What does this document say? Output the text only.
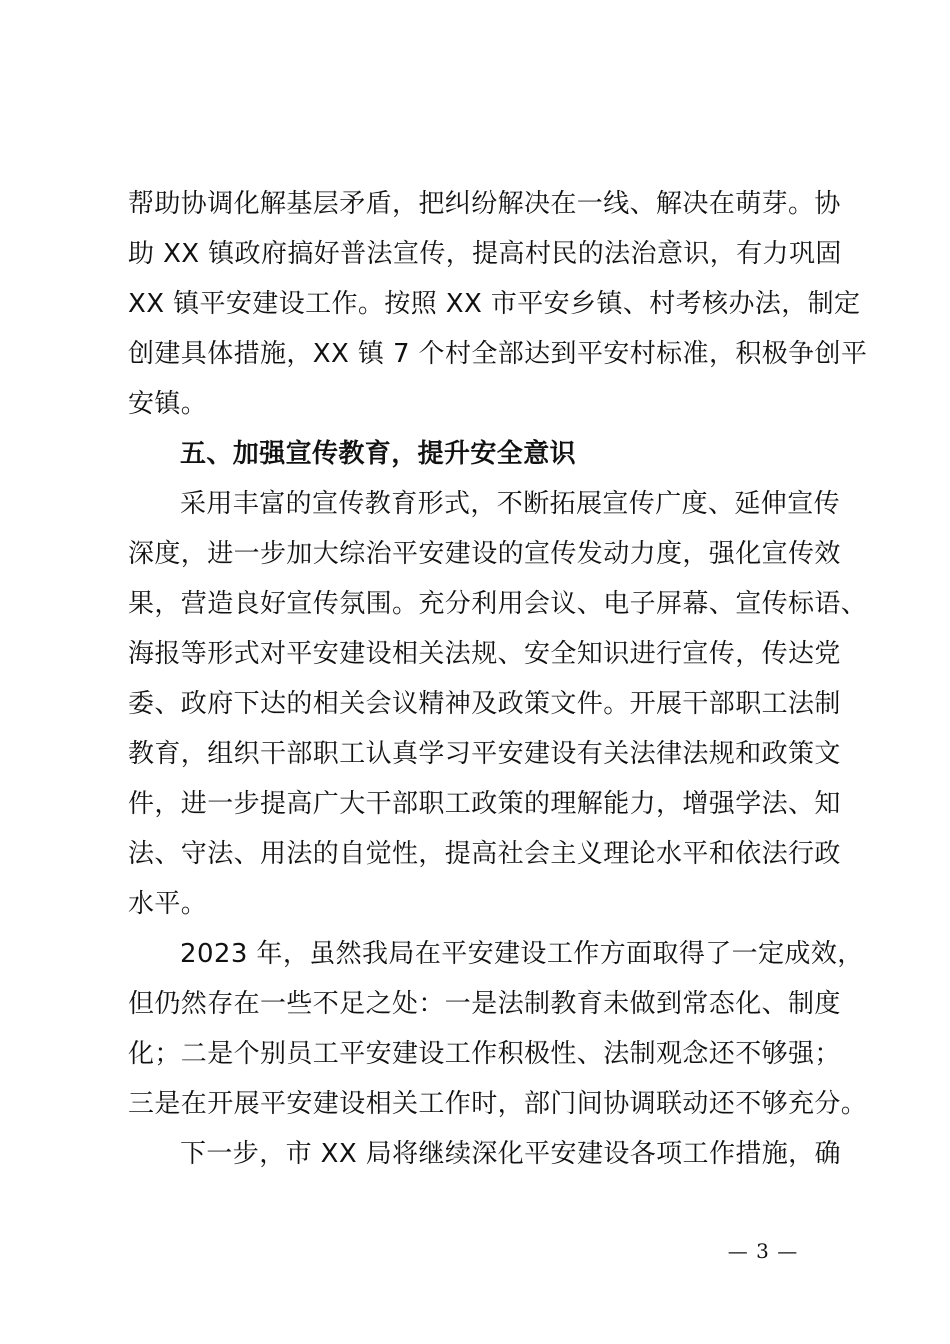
帮助协调化解基层矛盾，把纠纷解决在一线、解决在萌芽。协
助 XX 镇政府搞好普法宣传，提高村民的法治意识，有力巩固
XX 镇平安建设工作。按照 XX 市平安乡镇、村考核办法，制定
创建具体措施，XX 镇 7 个村全部达到平安村标准，积极争创平
安镇。
五、加强宣传教育，提升安全意识
采用丰富的宣传教育形式，不断拓展宣传广度、延伸宣传
深度，进一步加大综治平安建设的宣传发动力度，强化宣传效
果，营造良好宣传氛围。充分利用会议、电子屏幕、宣传标语、
海报等形式对平安建设相关法规、安全知识进行宣传，传达党
委、政府下达的相关会议精神及政策文件。开展干部职工法制
教育，组织干部职工认真学习平安建设有关法律法规和政策文
件，进一步提高广大干部职工政策的理解能力，增强学法、知
法、守法、用法的自觉性，提高社会主义理论水平和依法行政
水平。
2023 年，虽然我局在平安建设工作方面取得了一定成效，
但仍然存在一些不足之处：一是法制教育未做到常态化、制度
化；二是个别员工平安建设工作积极性、法制观念还不够强；
三是在开展平安建设相关工作时，部门间协调联动还不够充分。
下一步，市 XX 局将继续深化平安建设各项工作措施，确
— 3 —
